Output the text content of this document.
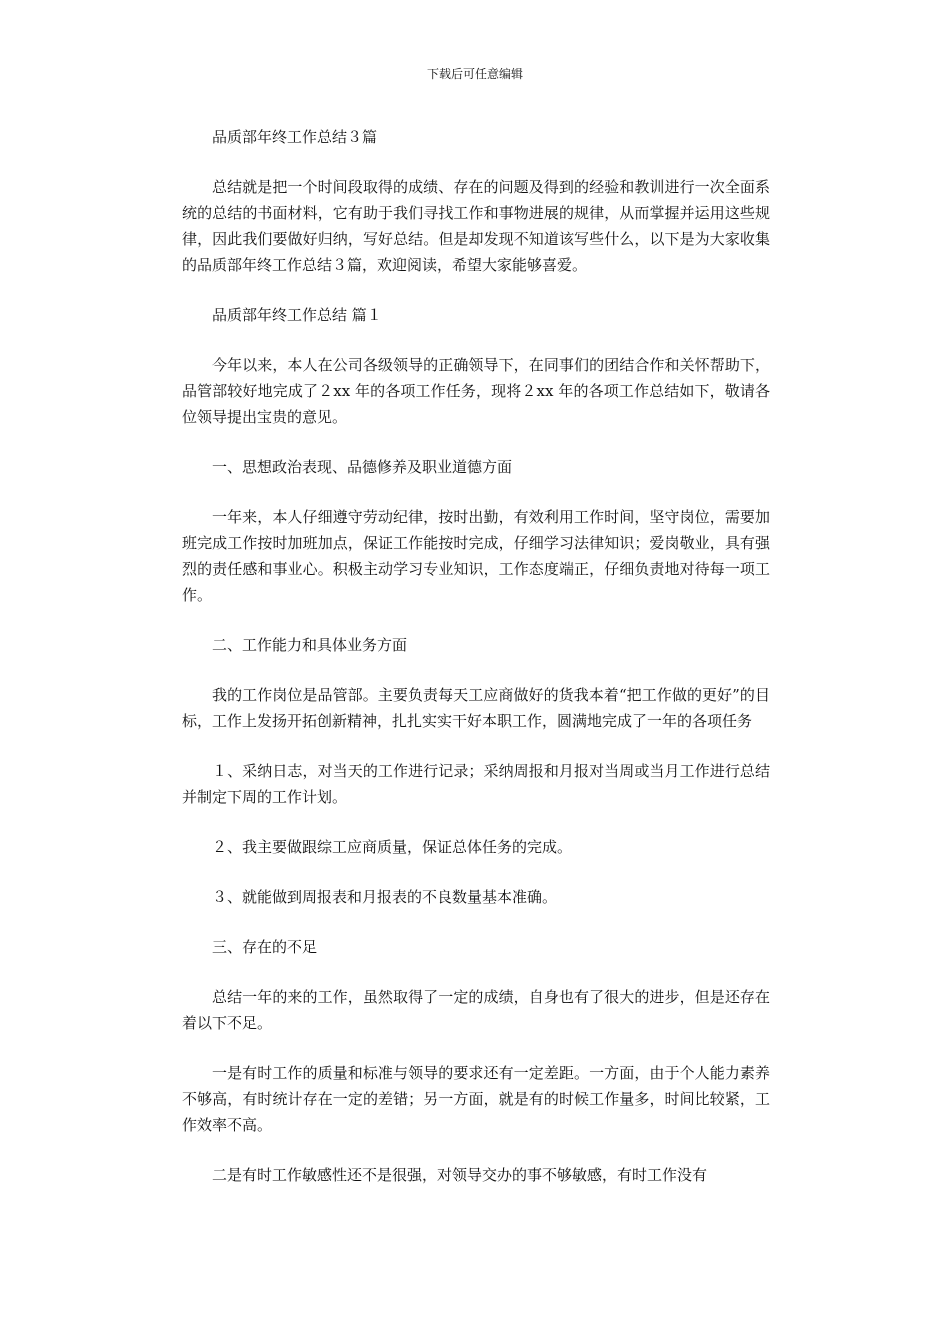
下载后可任意编辑

品质部年终工作总结３篇

总结就是把一个时间段取得的成绩、存在的问题及得到的经验和教训进行一次全面系统的总结的书面材料，它有助于我们寻找工作和事物进展的规律，从而掌握并运用这些规律，因此我们要做好归纳，写好总结。但是却发现不知道该写些什么，以下是为大家收集的品质部年终工作总结３篇，欢迎阅读，希望大家能够喜爱。

品质部年终工作总结 篇１

今年以来，本人在公司各级领导的正确领导下，在同事们的团结合作和关怀帮助下，品管部较好地完成了２xx 年的各项工作任务，现将２xx 年的各项工作总结如下，敬请各位领导提出宝贵的意见。

一、思想政治表现、品德修养及职业道德方面

一年来，本人仔细遵守劳动纪律，按时出勤，有效利用工作时间，坚守岗位，需要加班完成工作按时加班加点，保证工作能按时完成，仔细学习法律知识；爱岗敬业，具有强烈的责任感和事业心。积极主动学习专业知识，工作态度端正，仔细负责地对待每一项工作。

二、工作能力和具体业务方面

我的工作岗位是品管部。主要负责每天工应商做好的货我本着“把工作做的更好”的目标，工作上发扬开拓创新精神，扎扎实实干好本职工作，圆满地完成了一年的各项任务

１、采纳日志，对当天的工作进行记录；采纳周报和月报对当周或当月工作进行总结并制定下周的工作计划。

２、我主要做跟综工应商质量，保证总体任务的完成。

３、就能做到周报表和月报表的不良数量基本准确。

三、存在的不足

总结一年的来的工作，虽然取得了一定的成绩，自身也有了很大的进步，但是还存在着以下不足。

一是有时工作的质量和标准与领导的要求还有一定差距。一方面，由于个人能力素养不够高，有时统计存在一定的差错；另一方面，就是有的时候工作量多，时间比较紧，工作效率不高。

二是有时工作敏感性还不是很强，对领导交办的事不够敏感，有时工作没有
